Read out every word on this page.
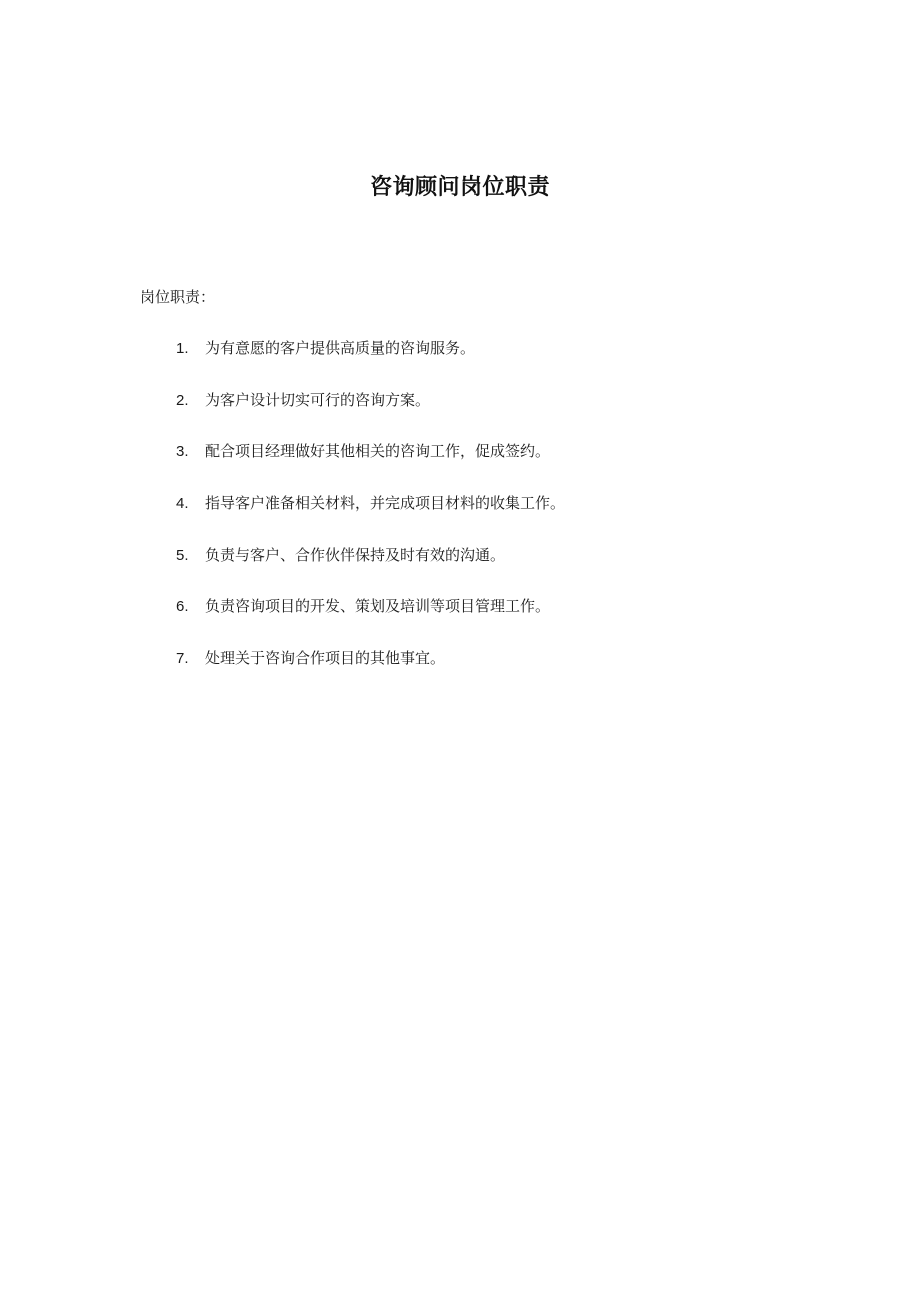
咨询顾问岗位职责
岗位职责：
1.	为有意愿的客户提供高质量的咨询服务。
2.	为客户设计切实可行的咨询方案。
3.	配合项目经理做好其他相关的咨询工作，促成签约。
4.	指导客户准备相关材料，并完成项目材料的收集工作。
5.	负责与客户、合作伙伴保持及时有效的沟通。
6.	负责咨询项目的开发、策划及培训等项目管理工作。
7.	处理关于咨询合作项目的其他事宜。
